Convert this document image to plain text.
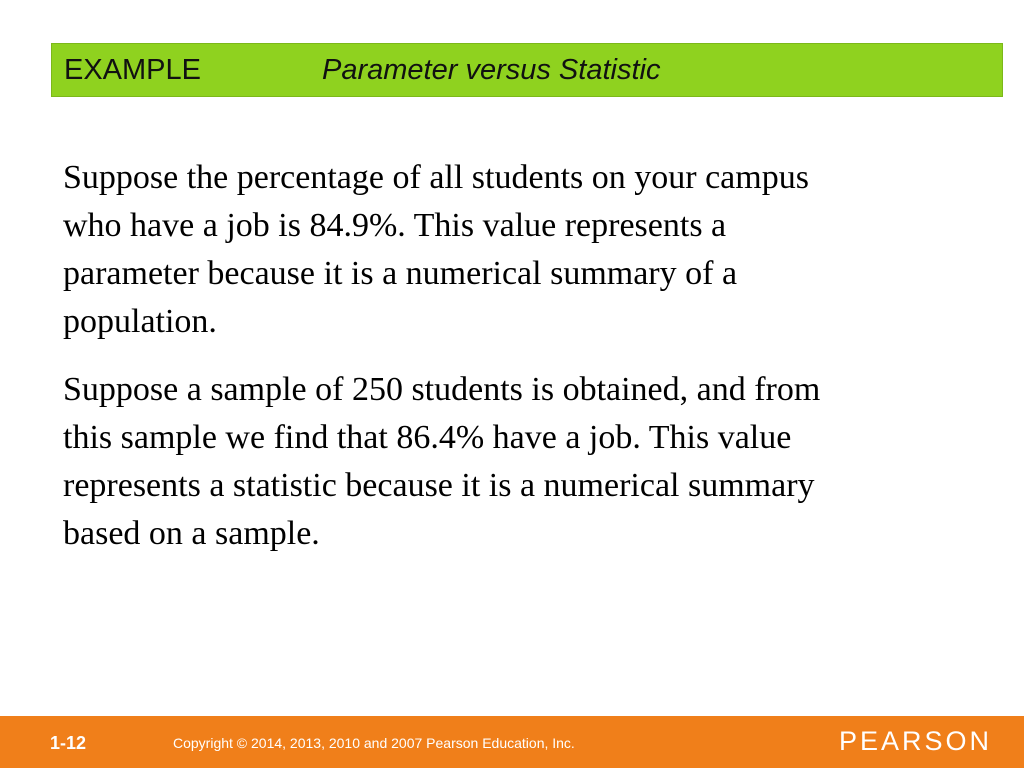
EXAMPLE	Parameter versus Statistic

Suppose the percentage of all students on your campus
who have a job is 84.9%. This value represents a
parameter because it is a numerical summary of a
population.

Suppose a sample of 250 students is obtained, and from
this sample we find that 86.4% have a job. This value
represents a statistic because it is a numerical summary
based on a sample.

1-12	Copyright © 2014, 2013, 2010 and 2007 Pearson Education, Inc.	PEARSON
